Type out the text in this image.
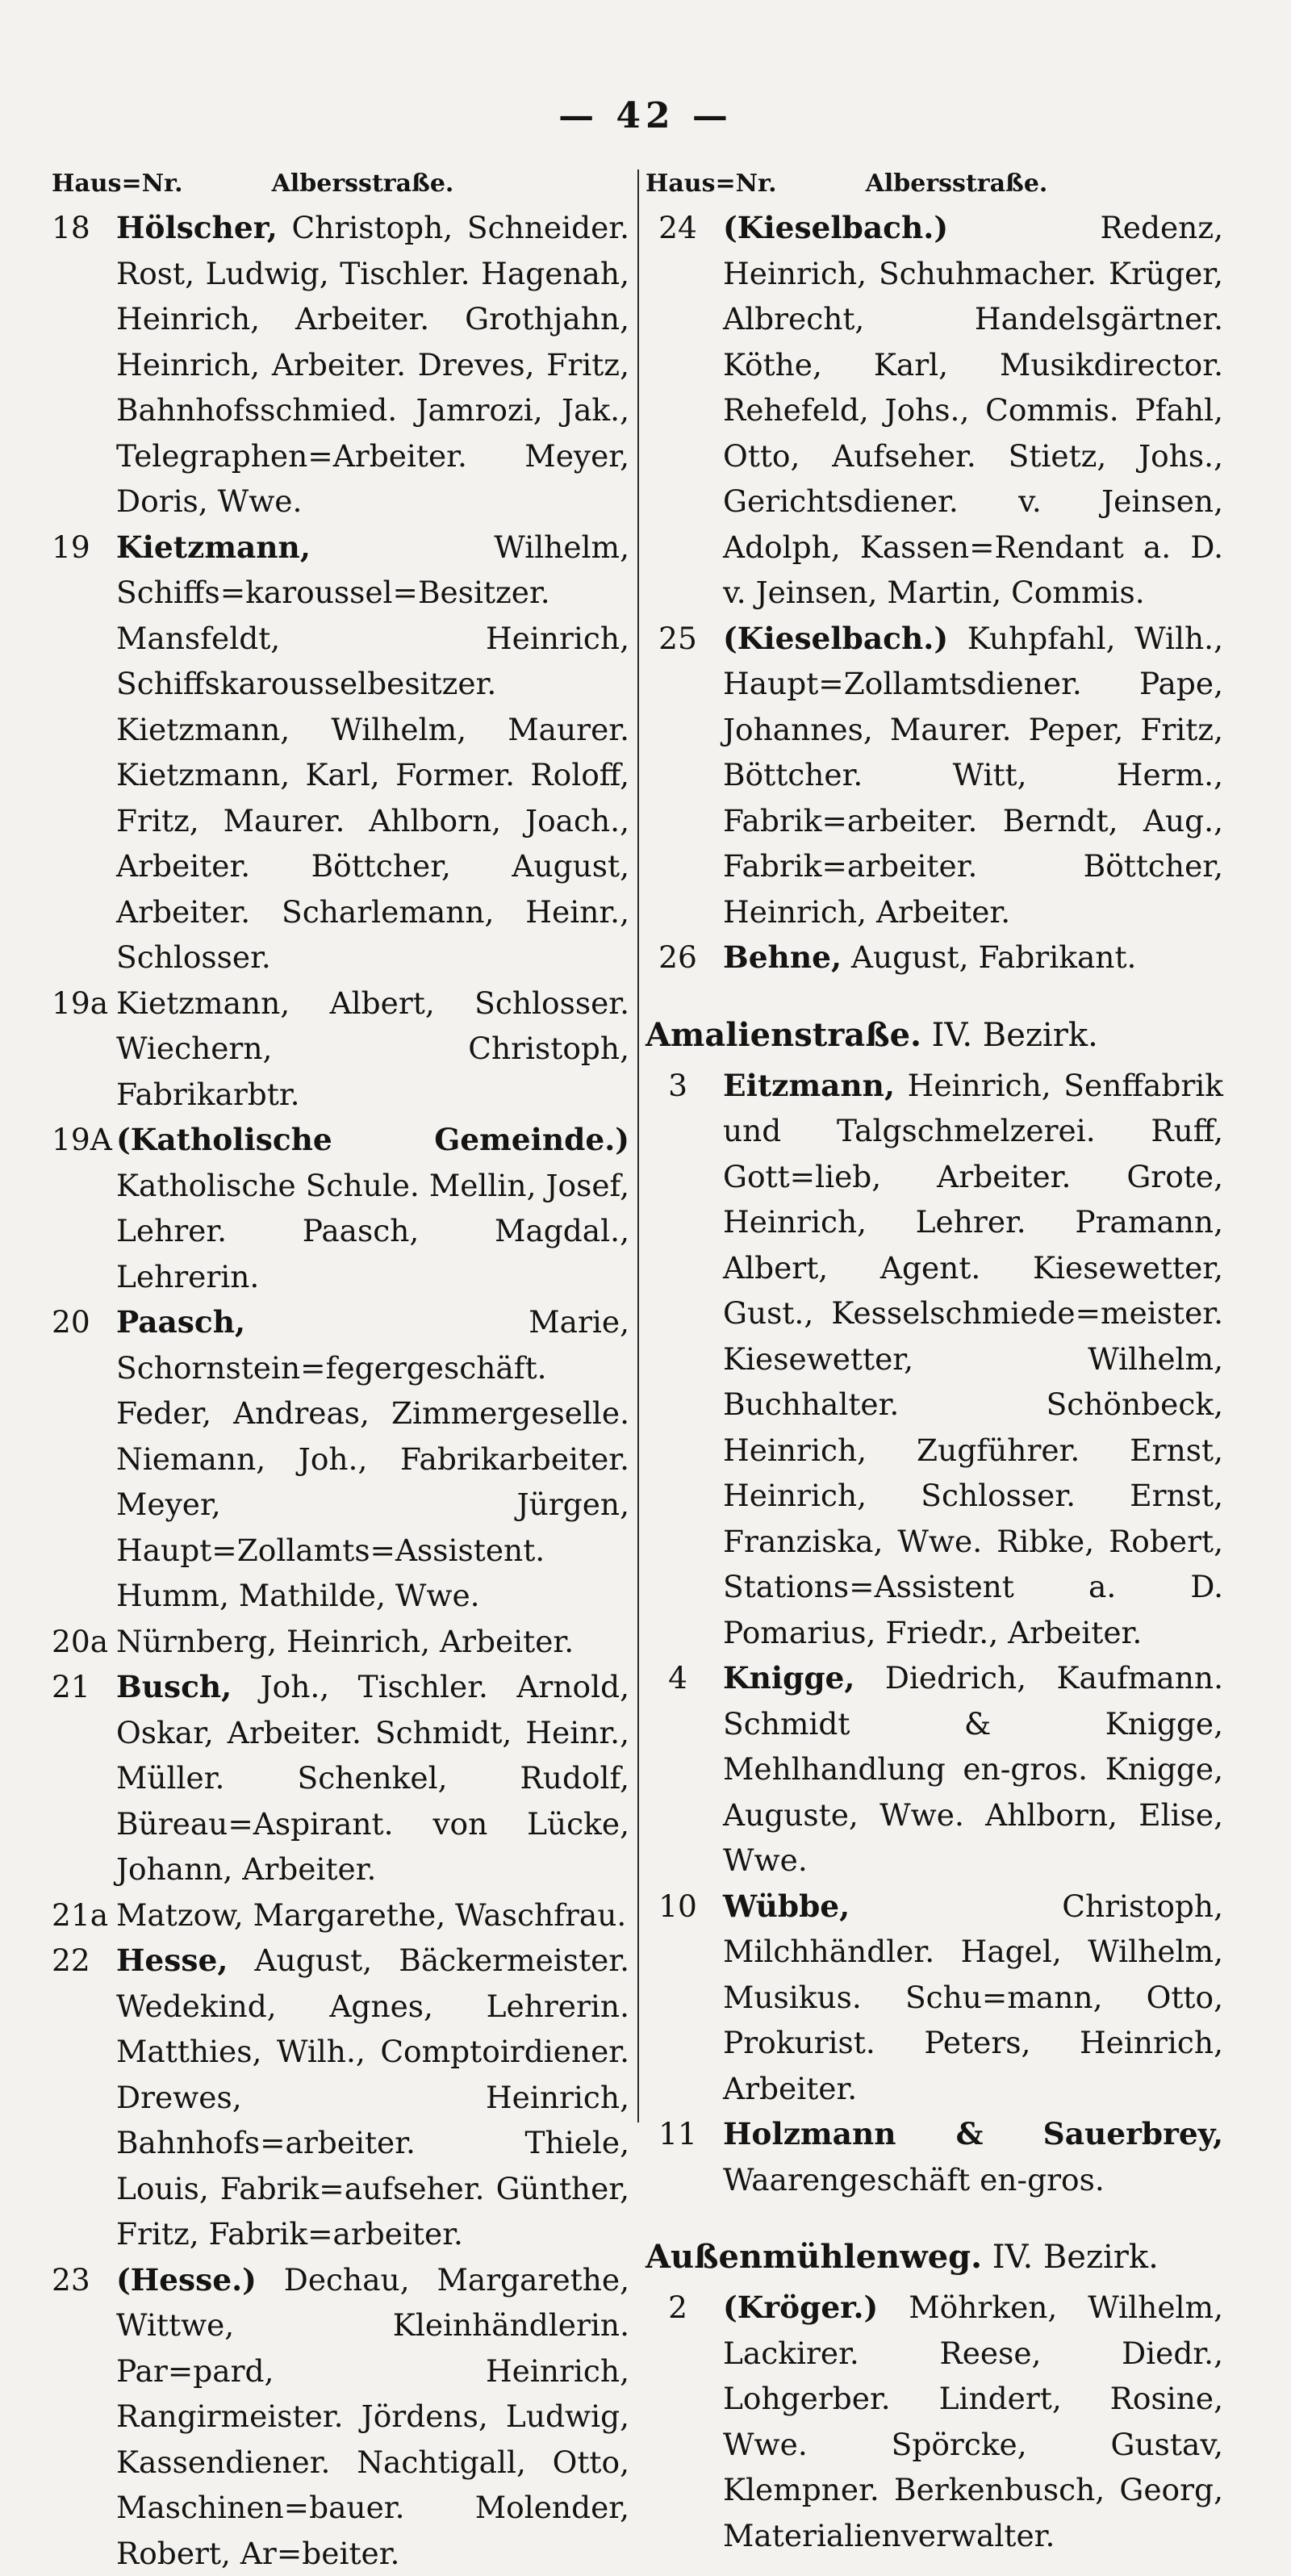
— 42 —
Haus=Nr.	Albersstraße.
18 Hölscher, Christoph, Schneider. Rost, Ludwig, Tischler. Hagenah, Heinrich, Arbeiter. Grothjahn, Heinrich, Arbeiter. Dreves, Fritz, Bahnhofsschmied. Jamrozi, Jak., Telegraphen=Arbeiter. Meyer, Doris, Wwe.
19 Kietzmann, Wilhelm, Schiffs=karoussel=Besitzer. Mansfeldt, Heinrich, Schiffskarousselbesitzer. Kietzmann, Wilhelm, Maurer. Kietzmann, Karl, Former. Roloff, Fritz, Maurer. Ahlborn, Joach., Arbeiter. Böttcher, August, Arbeiter. Scharlemann, Heinr., Schlosser.
19a Kietzmann, Albert, Schlosser. Wiechern, Christoph, Fabrikarbtr.
19A (Katholische Gemeinde.) Katholische Schule. Mellin, Josef, Lehrer. Paasch, Magdal., Lehrerin.
20 Paasch, Marie, Schornstein=fegergeschäft. Feder, Andreas, Zimmergeselle. Niemann, Joh., Fabrikarbeiter. Meyer, Jürgen, Haupt=Zollamts=Assistent. Humm, Mathilde, Wwe.
20a Nürnberg, Heinrich, Arbeiter.
21 Busch, Joh., Tischler. Arnold, Oskar, Arbeiter. Schmidt, Heinr., Müller. Schenkel, Rudolf, Büreau=Aspirant. von Lücke, Johann, Arbeiter.
21a Matzow, Margarethe, Waschfrau.
22 Hesse, August, Bäckermeister. Wedekind, Agnes, Lehrerin. Matthies, Wilh., Comptoirdiener. Drewes, Heinrich, Bahnhofs=arbeiter. Thiele, Louis, Fabrik=aufseher. Günther, Fritz, Fabrik=arbeiter.
23 (Hesse.) Dechau, Margarethe, Wittwe, Kleinhändlerin. Par=pard, Heinrich, Rangirmeister. Jördens, Ludwig, Kassendiener. Nachtigall, Otto, Maschinen=bauer. Molender, Robert, Ar=beiter.
Haus=Nr.	Albersstraße.
24 (Kieselbach.) Redenz, Heinrich, Schuhmacher. Krüger, Albrecht, Handelsgärtner. Köthe, Karl, Musikdirector. Rehefeld, Johs., Commis. Pfahl, Otto, Aufseher. Stietz, Johs., Gerichtsdiener. v. Jeinsen, Adolph, Kassen=Rendant a. D. v. Jeinsen, Martin, Commis.
25 (Kieselbach.) Kuhpfahl, Wilh., Haupt=Zollamtsdiener. Pape, Johannes, Maurer. Peper, Fritz, Böttcher. Witt, Herm., Fabrik=arbeiter. Berndt, Aug., Fabrik=arbeiter. Böttcher, Heinrich, Arbeiter.
26 Behne, August, Fabrikant.
Amalienstraße. IV. Bezirk.
3	Eitzmann, Heinrich, Senffabrik und Talgschmelzerei. Ruff, Gott=lieb, Arbeiter. Grote, Heinrich, Lehrer. Pramann, Albert, Agent. Kiesewetter, Gust., Kesselschmiede=meister. Kiesewetter, Wilhelm, Buchhalter. Schönbeck, Heinrich, Zugführer. Ernst, Heinrich, Schlosser. Ernst, Franziska, Wwe. Ribke, Robert, Stations=Assistent a. D. Pomarius, Friedr., Arbeiter.
4	Knigge, Diedrich, Kaufmann. Schmidt & Knigge, Mehlhandlung en-gros. Knigge, Auguste, Wwe. Ahlborn, Elise, Wwe.
10 Wübbe, Christoph, Milchhändler. Hagel, Wilhelm, Musikus. Schu=mann, Otto, Prokurist. Peters, Heinrich, Arbeiter.
11 Holzmann & Sauerbrey, Waarengeschäft en-gros.
Außenmühlenweg. IV. Bezirk.
2	(Kröger.) Möhrken, Wilhelm, Lackirer. Reese, Diedr., Lohgerber. Lindert, Rosine, Wwe. Spörcke, Gustav, Klempner. Berkenbusch, Georg, Materialienverwalter.
